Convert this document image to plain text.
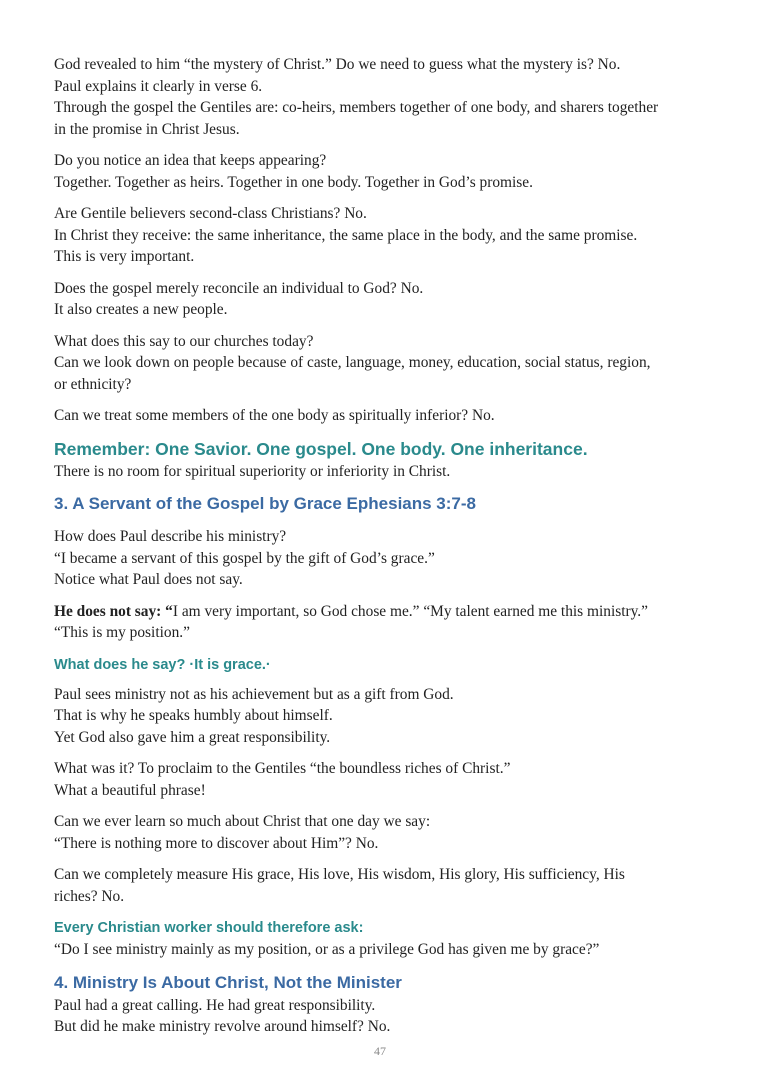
God revealed to him “the mystery of Christ.” Do we need to guess what the mystery is? No.
Paul explains it clearly in verse 6.
Through the gospel the Gentiles are: co-heirs, members together of one body, and sharers together
in the promise in Christ Jesus.
Do you notice an idea that keeps appearing?
Together. Together as heirs. Together in one body. Together in God’s promise.
Are Gentile believers second-class Christians? No.
In Christ they receive: the same inheritance, the same place in the body, and the same promise.
This is very important.
Does the gospel merely reconcile an individual to God? No.
It also creates a new people.
What does this say to our churches today?
Can we look down on people because of caste, language, money, education, social status, region,
or ethnicity?
Can we treat some members of the one body as spiritually inferior? No.
Remember: One Savior. One gospel. One body. One inheritance.
There is no room for spiritual superiority or inferiority in Christ.
3. A Servant of the Gospel by Grace Ephesians 3:7-8
How does Paul describe his ministry?
“I became a servant of this gospel by the gift of God’s grace.”
Notice what Paul does not say.
He does not say: “I am very important, so God chose me.” “My talent earned me this ministry.”
“This is my position.”
What does he say? ·It is grace.·
Paul sees ministry not as his achievement but as a gift from God.
That is why he speaks humbly about himself.
Yet God also gave him a great responsibility.
What was it? To proclaim to the Gentiles “the boundless riches of Christ.”
What a beautiful phrase!
Can we ever learn so much about Christ that one day we say:
“There is nothing more to discover about Him”? No.
Can we completely measure His grace, His love, His wisdom, His glory, His sufficiency, His
riches? No.
Every Christian worker should therefore ask:
“Do I see ministry mainly as my position, or as a privilege God has given me by grace?”
4. Ministry Is About Christ, Not the Minister
Paul had a great calling. He had great responsibility.
But did he make ministry revolve around himself? No.
47
